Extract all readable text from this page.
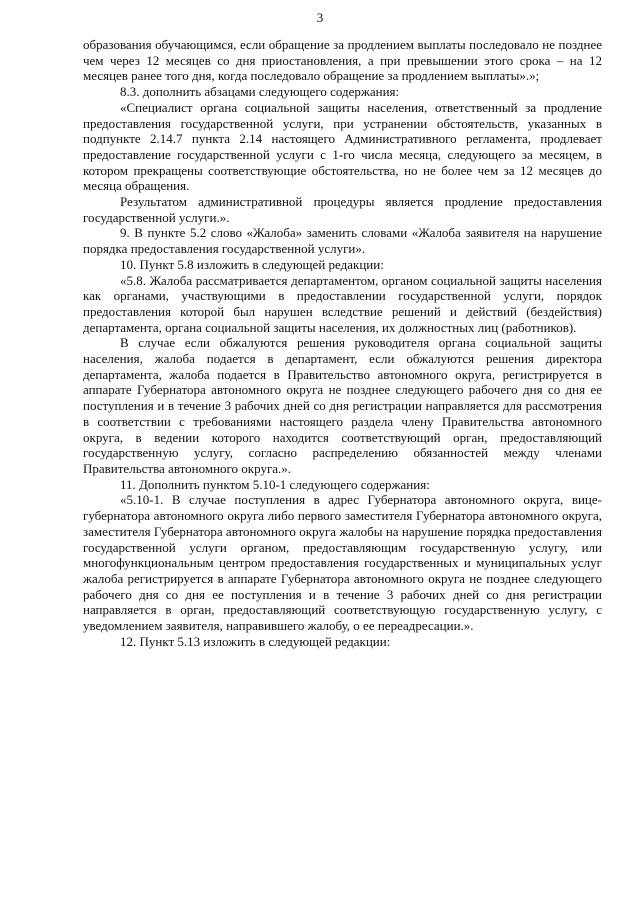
3

образования обучающимся, если обращение за продлением выплаты последовало не позднее чем через 12 месяцев со дня приостановления, а при превышении этого срока – на 12 месяцев ранее того дня, когда последовало обращение за продлением выплаты».»;

8.3. дополнить абзацами следующего содержания:

«Специалист органа социальной защиты населения, ответственный за продление предоставления государственной услуги, при устранении обстоятельств, указанных в подпункте 2.14.7 пункта 2.14 настоящего Административного регламента, продлевает предоставление государственной услуги с 1-го числа месяца, следующего за месяцем, в котором прекращены соответствующие обстоятельства, но не более чем за 12 месяцев до месяца обращения.

Результатом административной процедуры является продление предоставления государственной услуги.».

9. В пункте 5.2 слово «Жалоба» заменить словами «Жалоба заявителя на нарушение порядка предоставления государственной услуги».

10. Пункт 5.8 изложить в следующей редакции:

«5.8. Жалоба рассматривается департаментом, органом социальной защиты населения как органами, участвующими в предоставлении государственной услуги, порядок предоставления которой был нарушен вследствие решений и действий (бездействия) департамента, органа социальной защиты населения, их должностных лиц (работников).

В случае если обжалуются решения руководителя органа социальной защиты населения, жалоба подается в департамент, если обжалуются решения директора департамента, жалоба подается в Правительство автономного округа, регистрируется в аппарате Губернатора автономного округа не позднее следующего рабочего дня со дня ее поступления и в течение 3 рабочих дней со дня регистрации направляется для рассмотрения в соответствии с требованиями настоящего раздела члену Правительства автономного округа, в ведении которого находится соответствующий орган, предоставляющий государственную услугу, согласно распределению обязанностей между членами Правительства автономного округа.».

11. Дополнить пунктом 5.10-1 следующего содержания:

«5.10-1. В случае поступления в адрес Губернатора автономного округа, вице-губернатора автономного округа либо первого заместителя Губернатора автономного округа, заместителя Губернатора автономного округа жалобы на нарушение порядка предоставления государственной услуги органом, предоставляющим государственную услугу, или многофункциональным центром предоставления государственных и муниципальных услуг жалоба регистрируется в аппарате Губернатора автономного округа не позднее следующего рабочего дня со дня ее поступления и в течение 3 рабочих дней со дня регистрации направляется в орган, предоставляющий соответствующую государственную услугу, с уведомлением заявителя, направившего жалобу, о ее переадресации.».

12. Пункт 5.13 изложить в следующей редакции:
